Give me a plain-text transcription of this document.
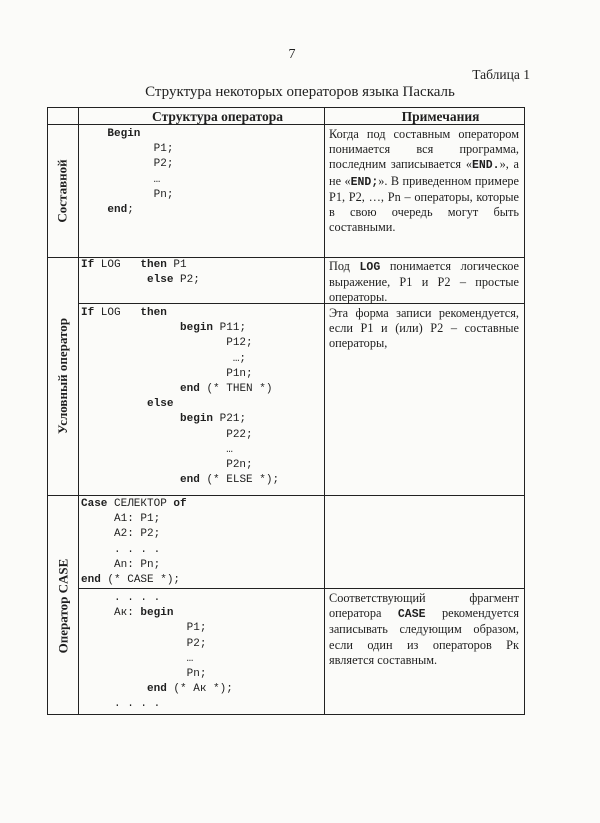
7
Таблица 1
Структура некоторых операторов языка Паскаль
Структура оператора	Примечания
Составной
Условный оператор
Оператор CASE
Begin
P1;
P2;
…
Pn;
end;
If LOG   then P1
else P2;
If LOG   then
begin P11;
P12;
…;
P1n;
end (* THEN *)
else
begin P21;
P22;
…
P2n;
end (* ELSE *);
Case СЕЛЕКТОР of
A1: P1;
A2: P2;
. . . .
An: Pn;
end (* CASE *);
. . . .
Aк: begin
P1;
P2;
…
Pn;
end (* Aк *);
. . . .
Когда под составным оператором понимается вся программа, последним записывается «END.», а не «END;». В приведенном примере P1, P2, …, Pn – операторы, которые в свою очередь могут быть составными.
Под LOG понимается логическое выражение, P1 и P2 – простые операторы.
Эта форма записи рекомендуется, если P1 и (или) P2 – составные операторы,
Соответствующий фрагмент оператора CASE рекомендуется записывать следующим образом, если один из операторов Рк является составным.
